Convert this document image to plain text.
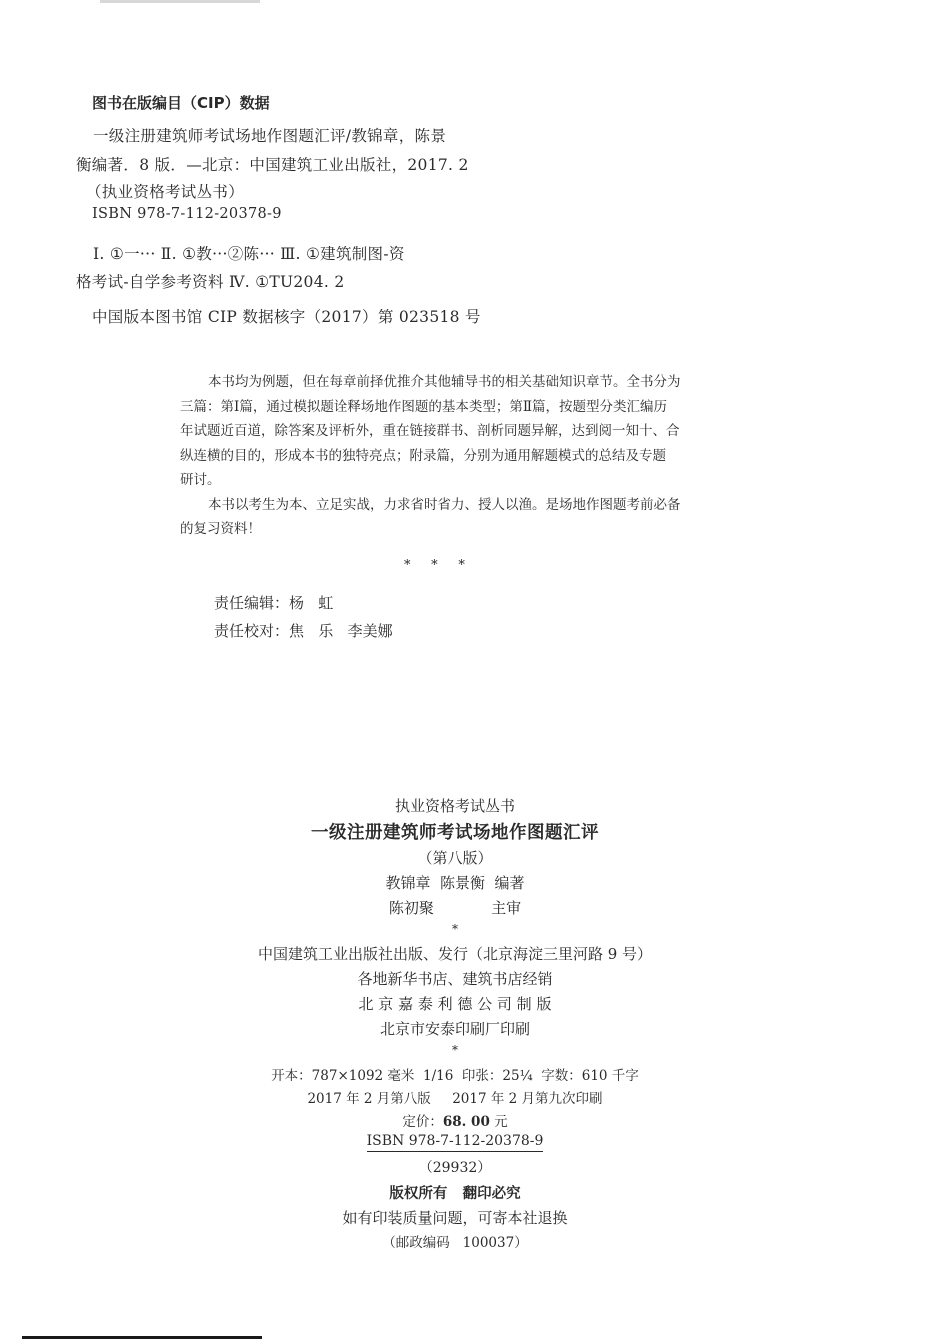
图书在版编目（CIP）数据
一级注册建筑师考试场地作图题汇评/教锦章，陈景
衡编著．8 版．—北京：中国建筑工业出版社，2017. 2
（执业资格考试丛书）
ISBN 978-7-112-20378-9
Ⅰ. ①一··· Ⅱ. ①教···②陈··· Ⅲ. ①建筑制图-资
格考试-自学参考资料 Ⅳ. ①TU204. 2
中国版本图书馆 CIP 数据核字（2017）第 023518 号
本书均为例题，但在每章前择优推介其他辅导书的相关基础知识章节。全书分为
三篇：第Ⅰ篇，通过模拟题诠释场地作图题的基本类型；第Ⅱ篇，按题型分类汇编历
年试题近百道，除答案及评析外，重在链接群书、剖析同题异解，达到阅一知十、合
纵连横的目的，形成本书的独特亮点；附录篇，分别为通用解题模式的总结及专题
研讨。
本书以考生为本、立足实战，力求省时省力、授人以渔。是场地作图题考前必备
的复习资料！
*     *     *
责任编辑：杨   虹
责任校对：焦   乐   李美娜
执业资格考试丛书
一级注册建筑师考试场地作图题汇评
（第八版）
教锦章  陈景衡  编著
陈初聚            主审
*
中国建筑工业出版社出版、发行（北京海淀三里河路 9 号）
各地新华书店、建筑书店经销
北 京 嘉 泰 利 德 公 司 制 版
北京市安泰印刷厂印刷
*
开本：787×1092 毫米  1/16  印张：25¼  字数：610 千字
2017 年 2 月第八版     2017 年 2 月第九次印刷
定价：68. 00 元
ISBN 978-7-112-20378-9
（29932）
版权所有   翻印必究
如有印装质量问题，可寄本社退换
（邮政编码   100037）
